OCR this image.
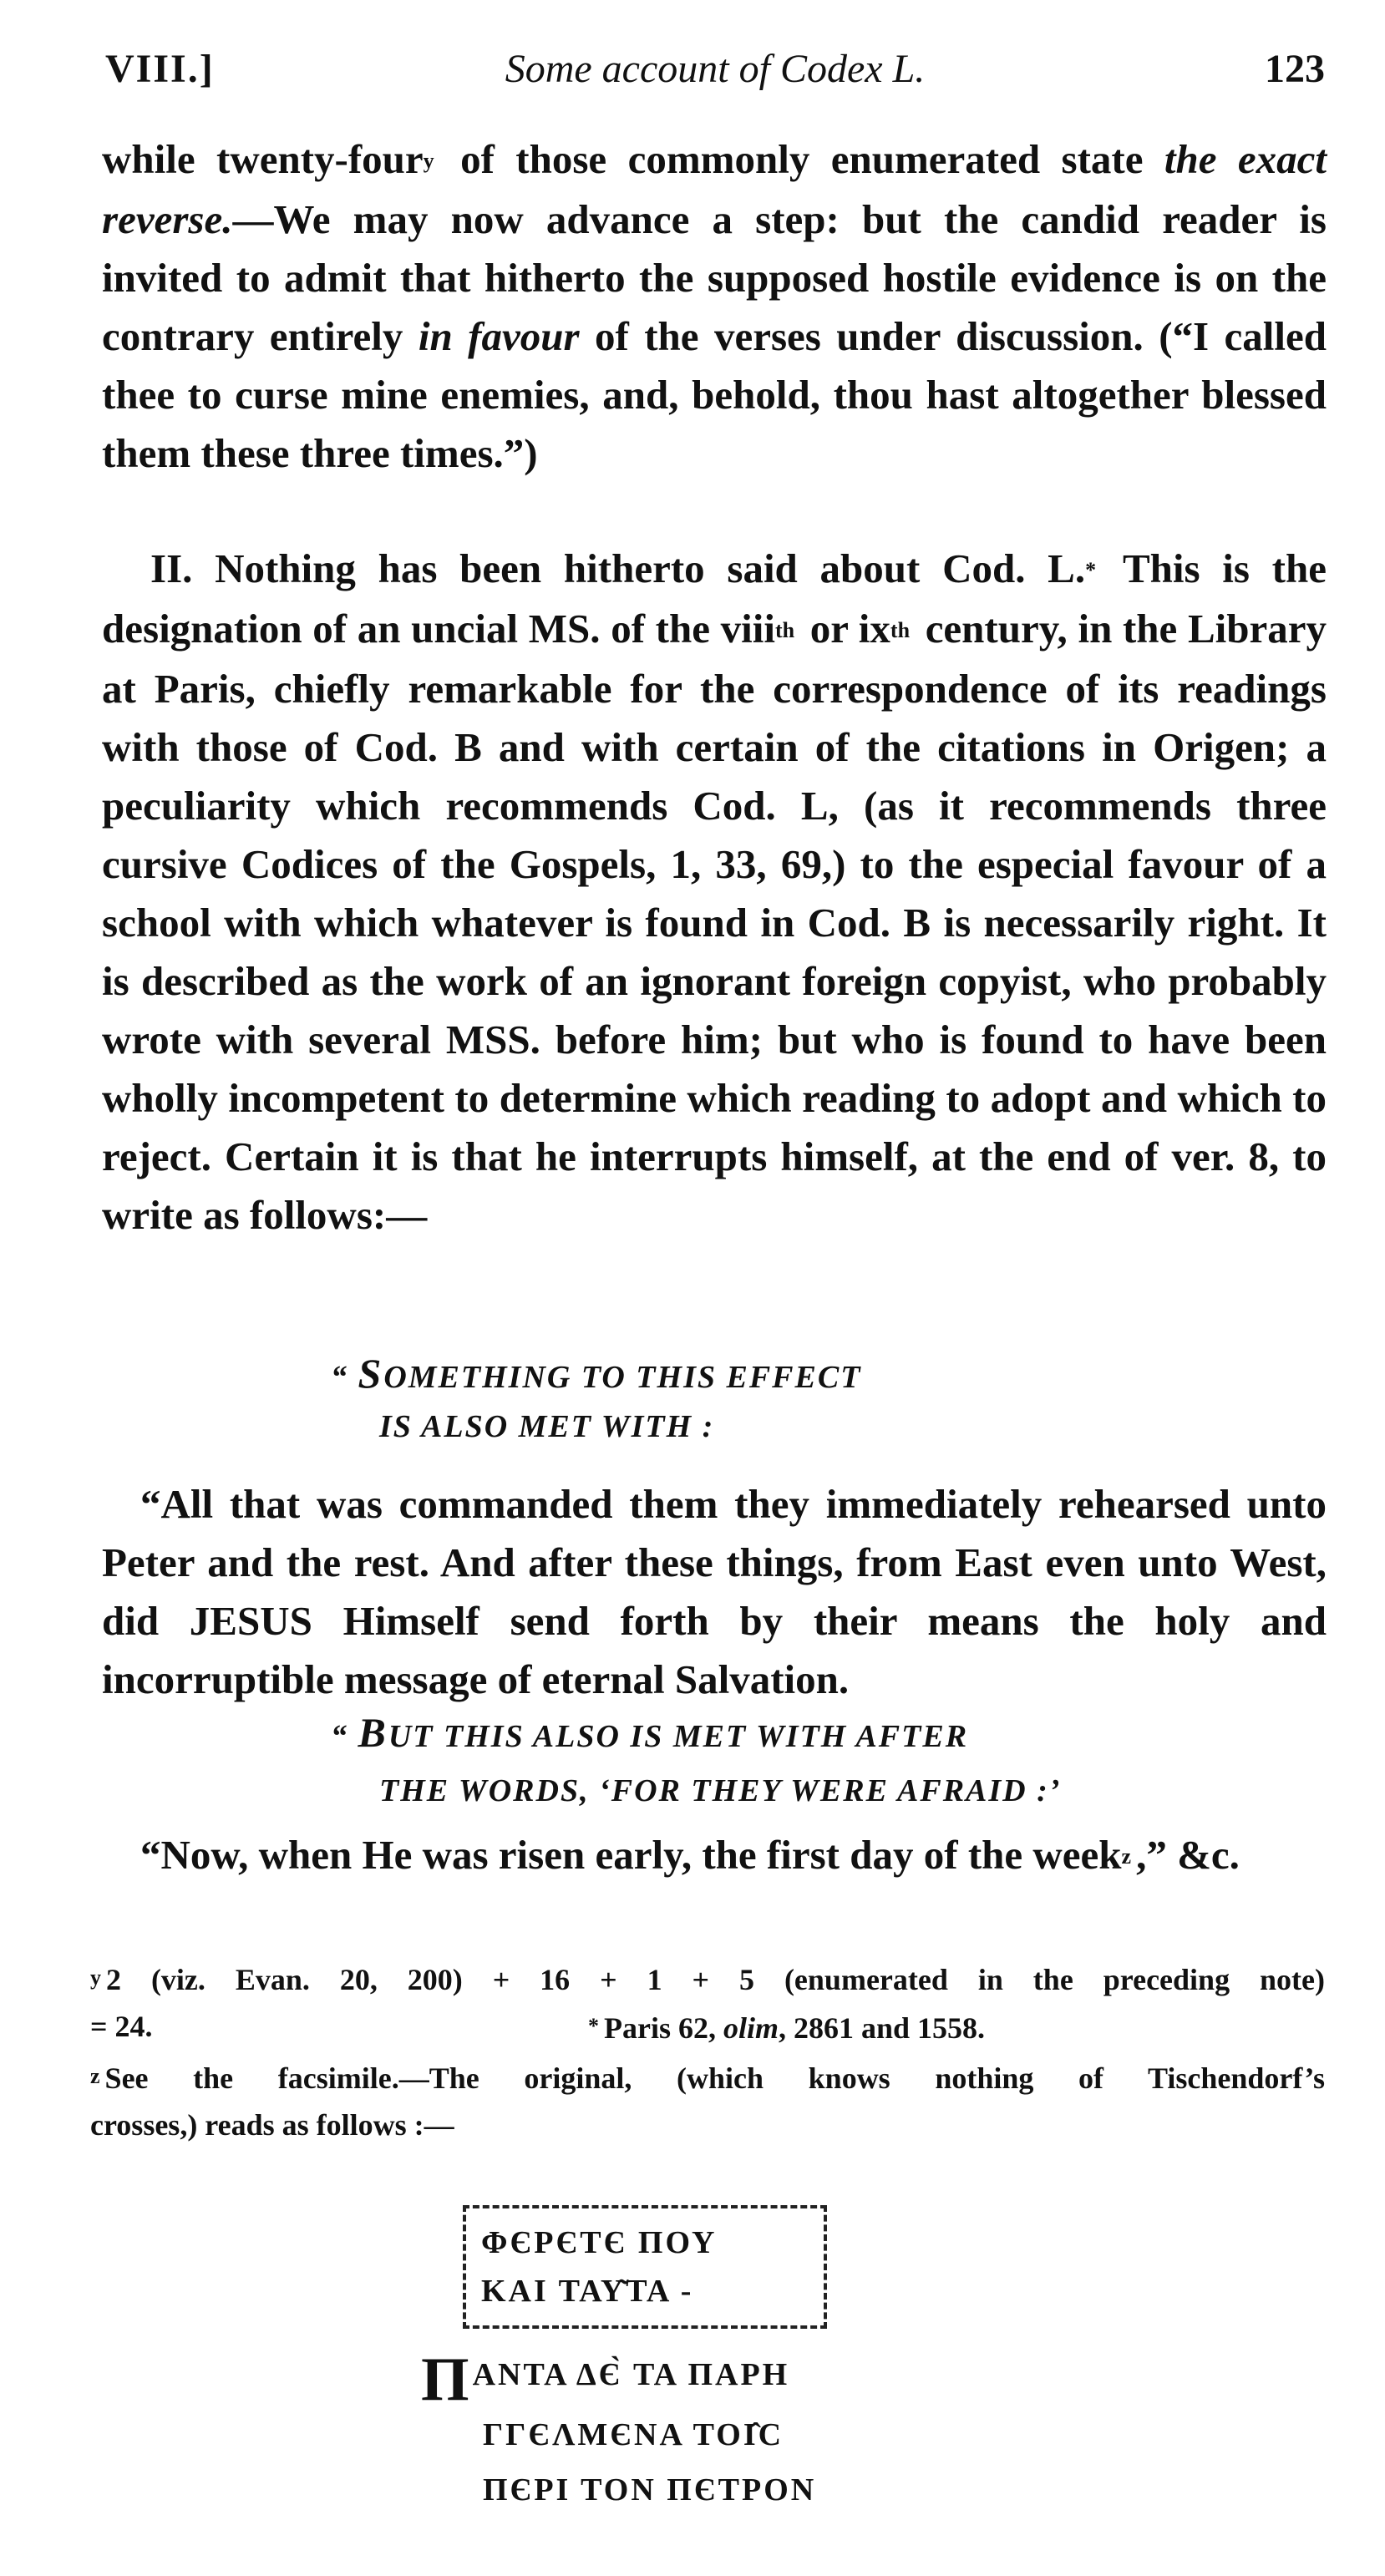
VIII.]	Some account of Codex L.	123

while twenty-four$^y$ of those commonly enumerated state the exact reverse.—We may now advance a step: but the candid reader is invited to admit that hitherto the supposed hostile evidence is on the contrary entirely in favour of the verses under discussion. (“I called thee to curse mine enemies, and, behold, thou hast altogether blessed them these three times.”)

II. Nothing has been hitherto said about Cod. L.* This is the designation of an uncial MS. of the viii$^{th}$ or $ix^{th}$ century, in the Library at Paris, chiefly remarkable for the correspondence of its readings with those of Cod. B and with certain of the citations in Origen; a peculiarity which recommends Cod. L, (as it recommends three cursive Codices of the Gospels, 1, 33, 69,) to the especial favour of a school with which whatever is found in Cod. B is necessarily right. It is described as the work of an ignorant foreign copyist, who probably wrote with several MSS. before him; but who is found to have been wholly incompetent to determine which reading to adopt and which to reject. Certain it is that he interrupts himself, at the end of ver. 8, to write as follows:—

“ SOMETHING TO THIS EFFECT
IS ALSO MET WITH :

“All that was commanded them they immediately rehearsed unto Peter and the rest. And after these things, from East even unto West, did JESUS Himself send forth by their means the holy and incorruptible message of eternal Salvation.

“ BUT THIS ALSO IS MET WITH AFTER
THE WORDS, ‘FOR THEY WERE AFRAID :’

“Now, when He was risen early, the first day of the week$^z$ ,” &c.

$^y$ 2 (viz. Evan. 20, 200) + 16 + 1 + 5 (enumerated in the preceding note)
= 24.	* Paris 62, olim, 2861 and 1558.
$^z$ See the facsimile.—The original, (which knows nothing of Tischendorf’s
crosses,) reads as follows :—
ΦЄΡЄΤЄ ΠΟΥ
ΚΑΙ ΤΑΥ͂ΤΑ -
ΠΑΝΤΑ ΔЄ̀ ΤΑ ΠΑΡΗ
ΓΓЄΛΜЄΝΑ ΤΟΙ̂C
ΠЄΡΙ ΤΟΝ ΠЄΤΡΟΝ
